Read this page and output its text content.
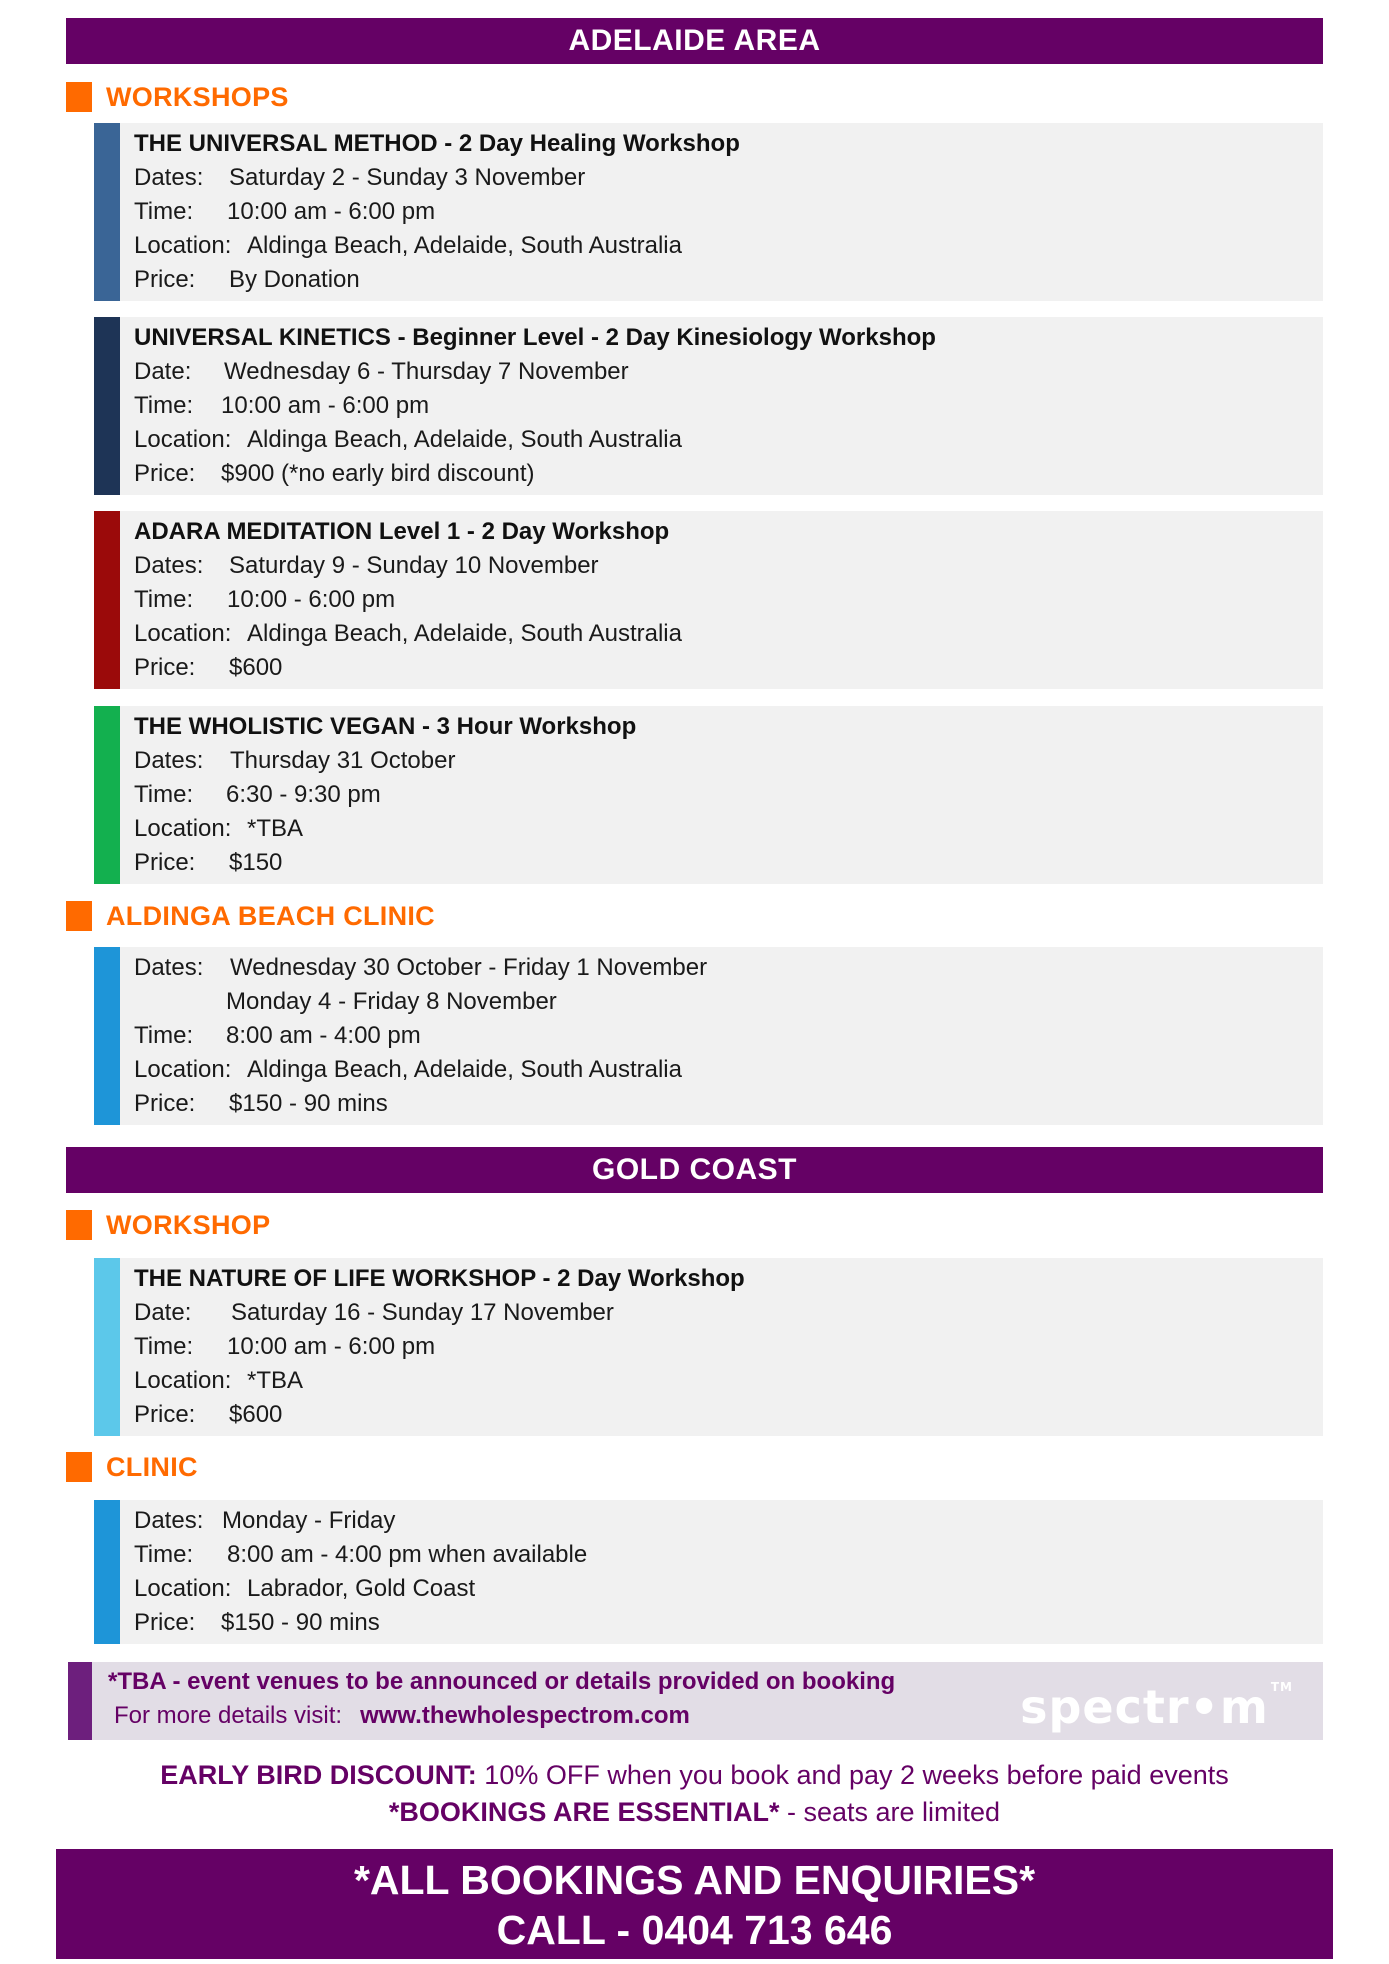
ADELAIDE AREA
WORKSHOPS
THE UNIVERSAL METHOD - 2 Day Healing Workshop
Dates: Saturday 2 - Sunday 3 November
Time: 10:00 am - 6:00 pm
Location: Aldinga Beach, Adelaide, South Australia
Price: By Donation
UNIVERSAL KINETICS - Beginner Level - 2 Day Kinesiology Workshop
Date: Wednesday 6 - Thursday 7 November
Time: 10:00 am - 6:00 pm
Location: Aldinga Beach, Adelaide, South Australia
Price: $900 (*no early bird discount)
ADARA MEDITATION Level 1 - 2 Day Workshop
Dates: Saturday 9 - Sunday 10 November
Time: 10:00 - 6:00 pm
Location: Aldinga Beach, Adelaide, South Australia
Price: $600
THE WHOLISTIC VEGAN - 3 Hour Workshop
Dates: Thursday 31 October
Time: 6:30 - 9:30 pm
Location: *TBA
Price: $150
ALDINGA BEACH CLINIC
Dates: Wednesday 30 October - Friday 1 November
Monday 4 - Friday 8 November
Time: 8:00 am - 4:00 pm
Location: Aldinga Beach, Adelaide, South Australia
Price: $150 - 90 mins
GOLD COAST
WORKSHOP
THE NATURE OF LIFE WORKSHOP - 2 Day Workshop
Date: Saturday 16 - Sunday 17 November
Time: 10:00 am - 6:00 pm
Location: *TBA
Price: $600
CLINIC
Dates: Monday - Friday
Time: 8:00 am - 4:00 pm when available
Location: Labrador, Gold Coast
Price: $150 - 90 mins
*TBA - event venues to be announced or details provided on booking
For more details visit: www.thewholespectrom.com	spectr•m ™
EARLY BIRD DISCOUNT: 10% OFF when you book and pay 2 weeks before paid events
*BOOKINGS ARE ESSENTIAL* - seats are limited
*ALL BOOKINGS AND ENQUIRIES*
CALL - 0404 713 646
